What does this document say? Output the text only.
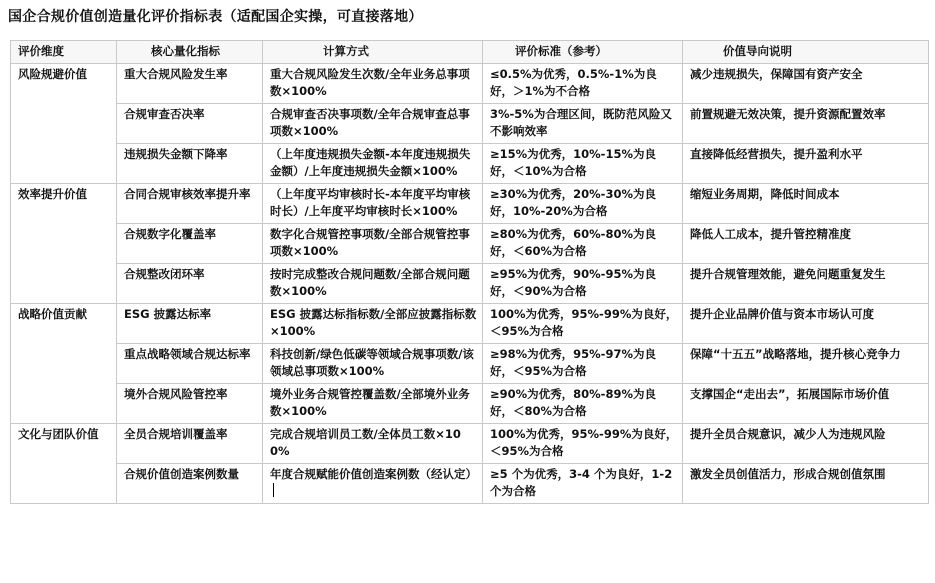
国企合规价值创造量化评价指标表（适配国企实操，可直接落地）
评价维度	核心量化指标	计算方式	评价标准（参考）	价值导向说明
风险规避价值	重大合规风险发生率	重大合规风险发生次数/全年业务总事项数×100%	≤0.5%为优秀，0.5%-1%为良好，＞1%为不合格	减少违规损失，保障国有资产安全
	合规审查否决率	合规审查否决事项数/全年合规审查总事项数×100%	3%-5%为合理区间，既防范风险又不影响效率	前置规避无效决策，提升资源配置效率
	违规损失金额下降率	（上年度违规损失金额-本年度违规损失金额）/上年度违规损失金额×100%	≥15%为优秀，10%-15%为良好，＜10%为合格	直接降低经营损失，提升盈利水平
效率提升价值	合同合规审核效率提升率	（上年度平均审核时长-本年度平均审核时长）/上年度平均审核时长×100%	≥30%为优秀，20%-30%为良好，10%-20%为合格	缩短业务周期，降低时间成本
	合规数字化覆盖率	数字化合规管控事项数/全部合规管控事项数×100%	≥80%为优秀，60%-80%为良好，＜60%为合格	降低人工成本，提升管控精准度
	合规整改闭环率	按时完成整改合规问题数/全部合规问题数×100%	≥95%为优秀，90%-95%为良好，＜90%为合格	提升合规管理效能，避免问题重复发生
战略价值贡献	ESG 披露达标率	ESG 披露达标指标数/全部应披露指标数×100%	100%为优秀，95%-99%为良好，＜95%为合格	提升企业品牌价值与资本市场认可度
	重点战略领域合规达标率	科技创新/绿色低碳等领域合规事项数/该领域总事项数×100%	≥98%为优秀，95%-97%为良好，＜95%为合格	保障“十五五”战略落地，提升核心竞争力
	境外合规风险管控率	境外业务合规管控覆盖数/全部境外业务数×100%	≥90%为优秀，80%-89%为良好，＜80%为合格	支撑国企“走出去”，拓展国际市场价值
文化与团队价值	全员合规培训覆盖率	完成合规培训员工数/全体员工数×100%	100%为优秀，95%-99%为良好，＜95%为合格	提升全员合规意识，减少人为违规风险
	合规价值创造案例数量	年度合规赋能价值创造案例数（经认定）	≥5 个为优秀，3-4 个为良好，1-2 个为合格	激发全员创值活力，形成合规创值氛围
